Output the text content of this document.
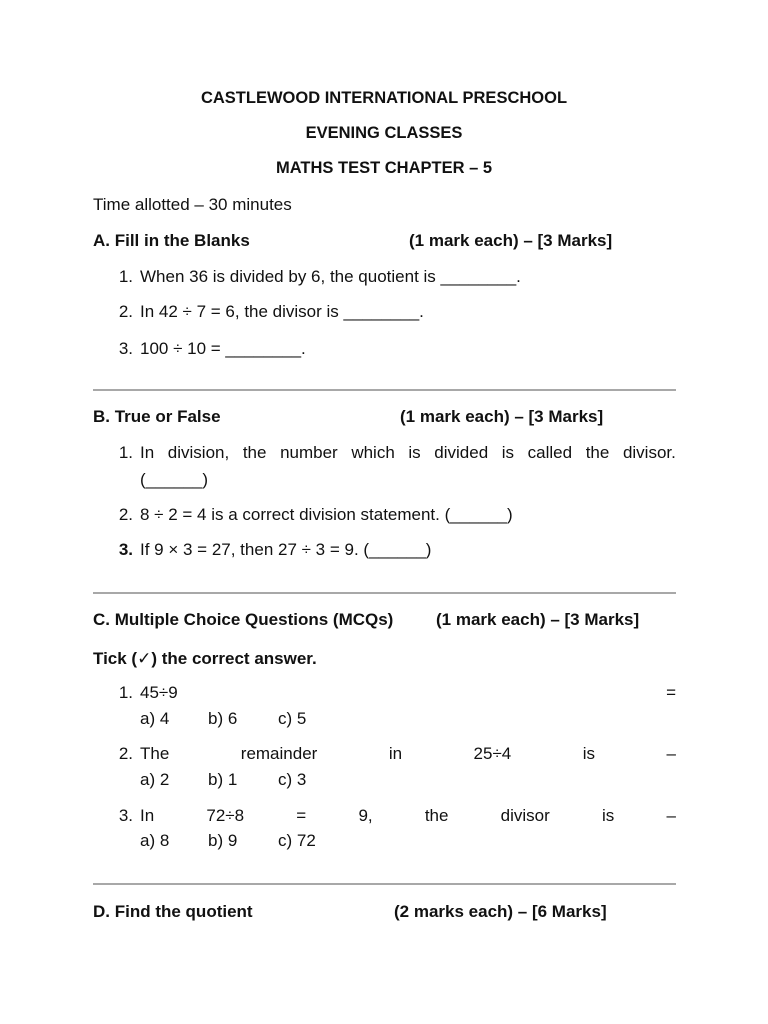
CASTLEWOOD INTERNATIONAL PRESCHOOL
EVENING CLASSES
MATHS TEST CHAPTER – 5
Time allotted – 30 minutes
A. Fill in the Blanks	(1 mark each) – [3 Marks]
1. When 36 is divided by 6, the quotient is ________.
2. In 42 ÷ 7 = 6, the divisor is ________.
3. 100 ÷ 10 = ________.
B. True or False	(1 mark each) – [3 Marks]
1. In division, the number which is divided is called the divisor.
(______)
2. 8 ÷ 2 = 4 is a correct division statement. (______)
3. If 9 × 3 = 27, then 27 ÷ 3 = 9. (______)
C. Multiple Choice Questions (MCQs)	(1 mark each) – [3 Marks]
Tick (✓) the correct answer.
1. 45÷9	=
a) 4 b) 6 c) 5
2. The	remainder	in	25÷4	is	–
a) 2 b) 1 c) 3
3. In	72÷8	=	9,	the	divisor	is	–
a) 8 b) 9 c) 72
D. Find the quotient	(2 marks each) – [6 Marks]
